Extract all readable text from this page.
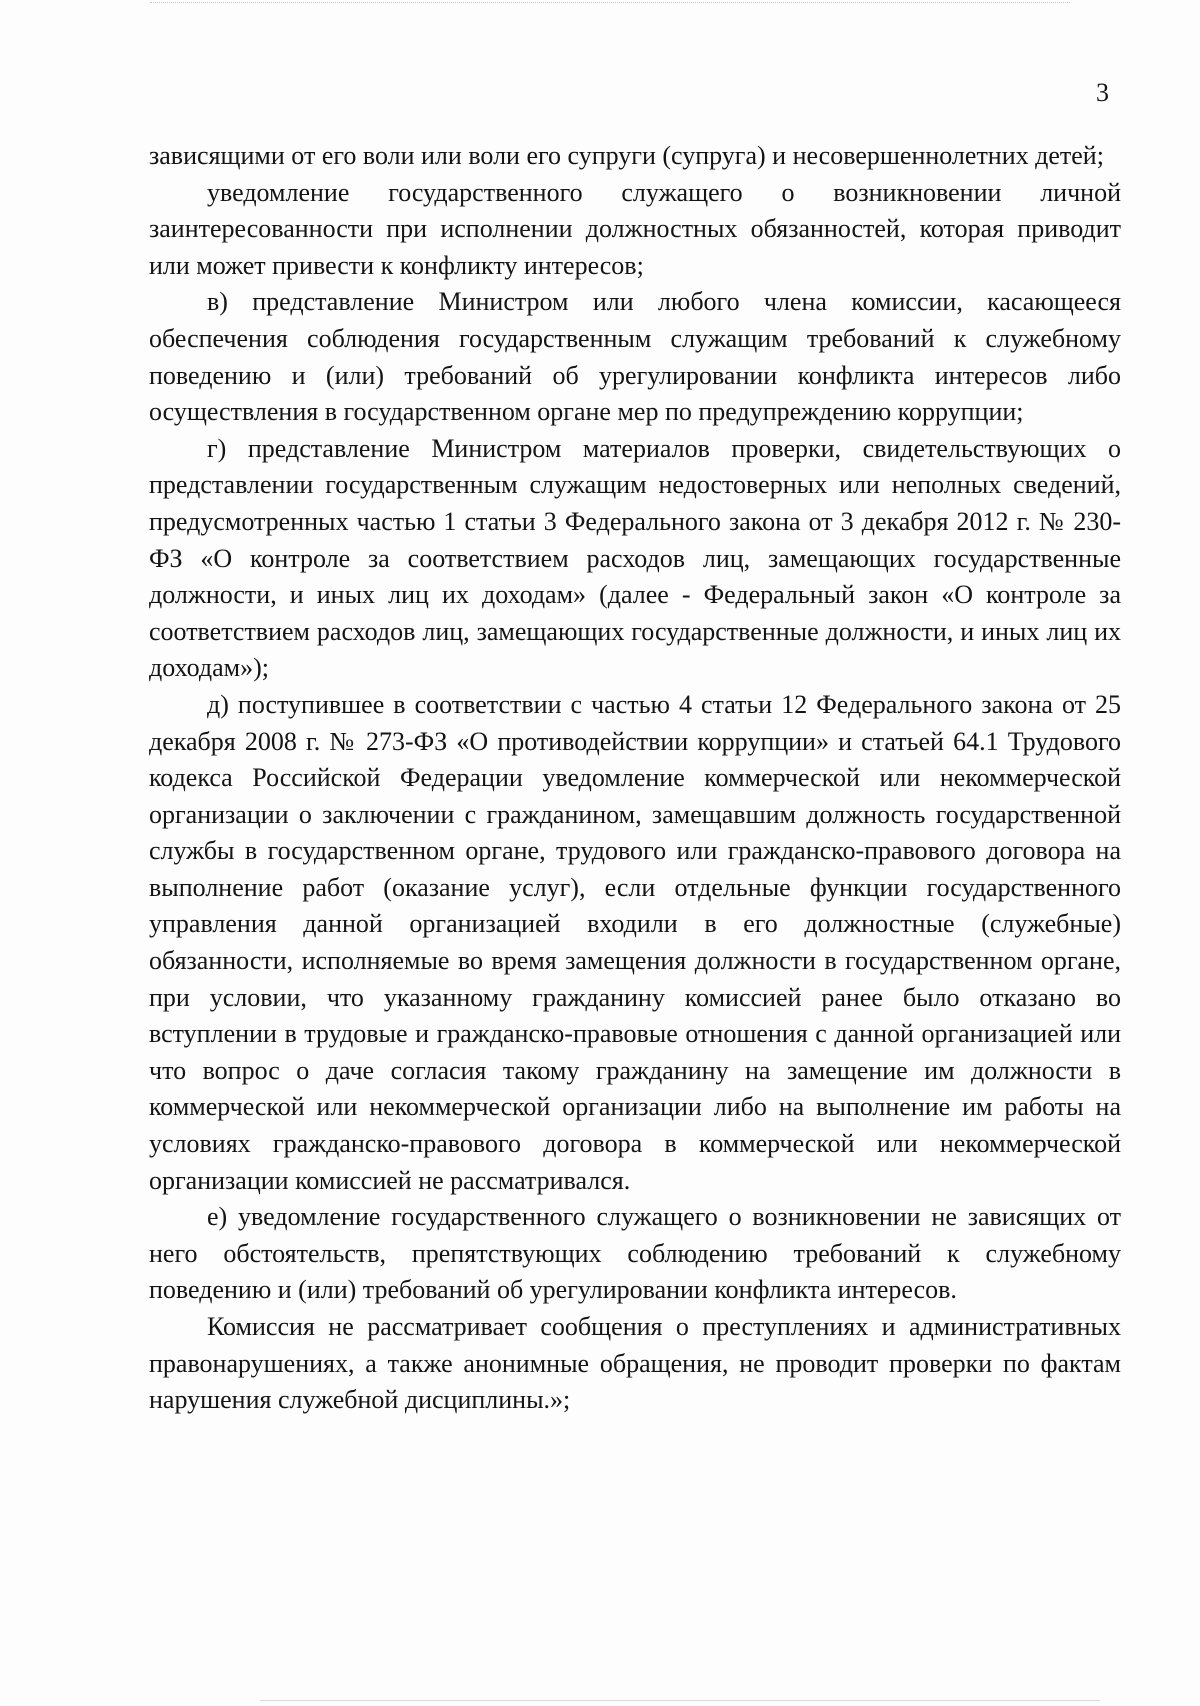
3

зависящими от его воли или воли его супруги (супруга) и несовершеннолетних детей;

уведомление государственного служащего о возникновении личной заинтересованности при исполнении должностных обязанностей, которая приводит или может привести к конфликту интересов;

в) представление Министром или любого члена комиссии, касающееся обеспечения соблюдения государственным служащим требований к служебному поведению и (или) требований об урегулировании конфликта интересов либо осуществления в государственном органе мер по предупреждению коррупции;

г) представление Министром материалов проверки, свидетельствующих о представлении государственным служащим недостоверных или неполных сведений, предусмотренных частью 1 статьи 3 Федерального закона от 3 декабря 2012 г. № 230-ФЗ «О контроле за соответствием расходов лиц, замещающих государственные должности, и иных лиц их доходам» (далее - Федеральный закон «О контроле за соответствием расходов лиц, замещающих государственные должности, и иных лиц их доходам»);

д) поступившее в соответствии с частью 4 статьи 12 Федерального закона от 25 декабря 2008 г. № 273-ФЗ «О противодействии коррупции» и статьей 64.1 Трудового кодекса Российской Федерации уведомление коммерческой или некоммерческой организации о заключении с гражданином, замещавшим должность государственной службы в государственном органе, трудового или гражданско-правового договора на выполнение работ (оказание услуг), если отдельные функции государственного управления данной организацией входили в его должностные (служебные) обязанности, исполняемые во время замещения должности в государственном органе, при условии, что указанному гражданину комиссией ранее было отказано во вступлении в трудовые и гражданско-правовые отношения с данной организацией или что вопрос о даче согласия такому гражданину на замещение им должности в коммерческой или некоммерческой организации либо на выполнение им работы на условиях гражданско-правового договора в коммерческой или некоммерческой организации комиссией не рассматривался.

е) уведомление государственного служащего о возникновении не зависящих от него обстоятельств, препятствующих соблюдению требований к служебному поведению и (или) требований об урегулировании конфликта интересов.

Комиссия не рассматривает сообщения о преступлениях и административных правонарушениях, а также анонимные обращения, не проводит проверки по фактам нарушения служебной дисциплины.»;
